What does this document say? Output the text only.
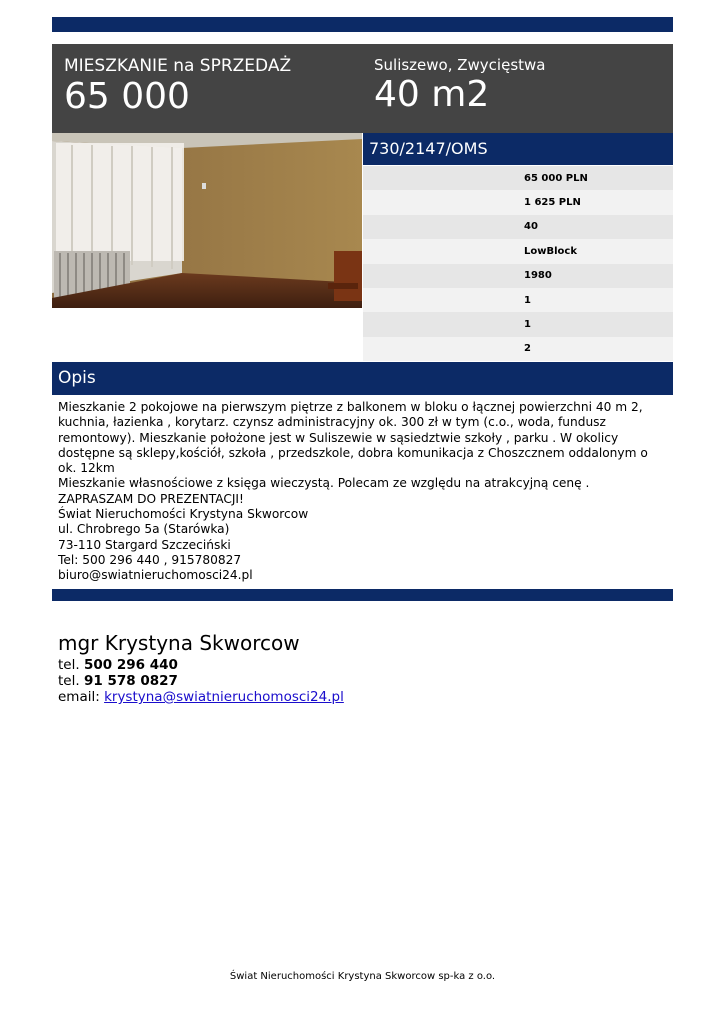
MIESZKANIE na SPRZEDAŻ
65 000
Suliszewo, Zwycięstwa
40 m2
730/2147/OMS
65 000 PLN
1 625 PLN
40
LowBlock
1980
1
1
2
Opis
Mieszkanie 2 pokojowe na pierwszym piętrze z balkonem w bloku o łącznej powierzchni 40 m 2,
kuchnia, łazienka , korytarz. czynsz administracyjny ok. 300 zł w tym (c.o., woda, fundusz
remontowy). Mieszkanie położone jest w Suliszewie w sąsiedztwie szkoły , parku . W okolicy
dostępne są sklepy,kościół, szkoła , przedszkole, dobra komunikacja z Choszcznem oddalonym o
ok. 12km
Mieszkanie własnościowe z księga wieczystą. Polecam ze względu na atrakcyjną cenę .
ZAPRASZAM DO PREZENTACJI!
Świat Nieruchomości Krystyna Skworcow
ul. Chrobrego 5a (Starówka)
73-110 Stargard Szczeciński
Tel: 500 296 440 , 915780827
biuro@swiatnieruchomosci24.pl
mgr Krystyna Skworcow
tel. 500 296 440
tel. 91 578 0827
email: krystyna@swiatnieruchomosci24.pl
Świat Nieruchomości Krystyna Skworcow sp-ka z o.o.
